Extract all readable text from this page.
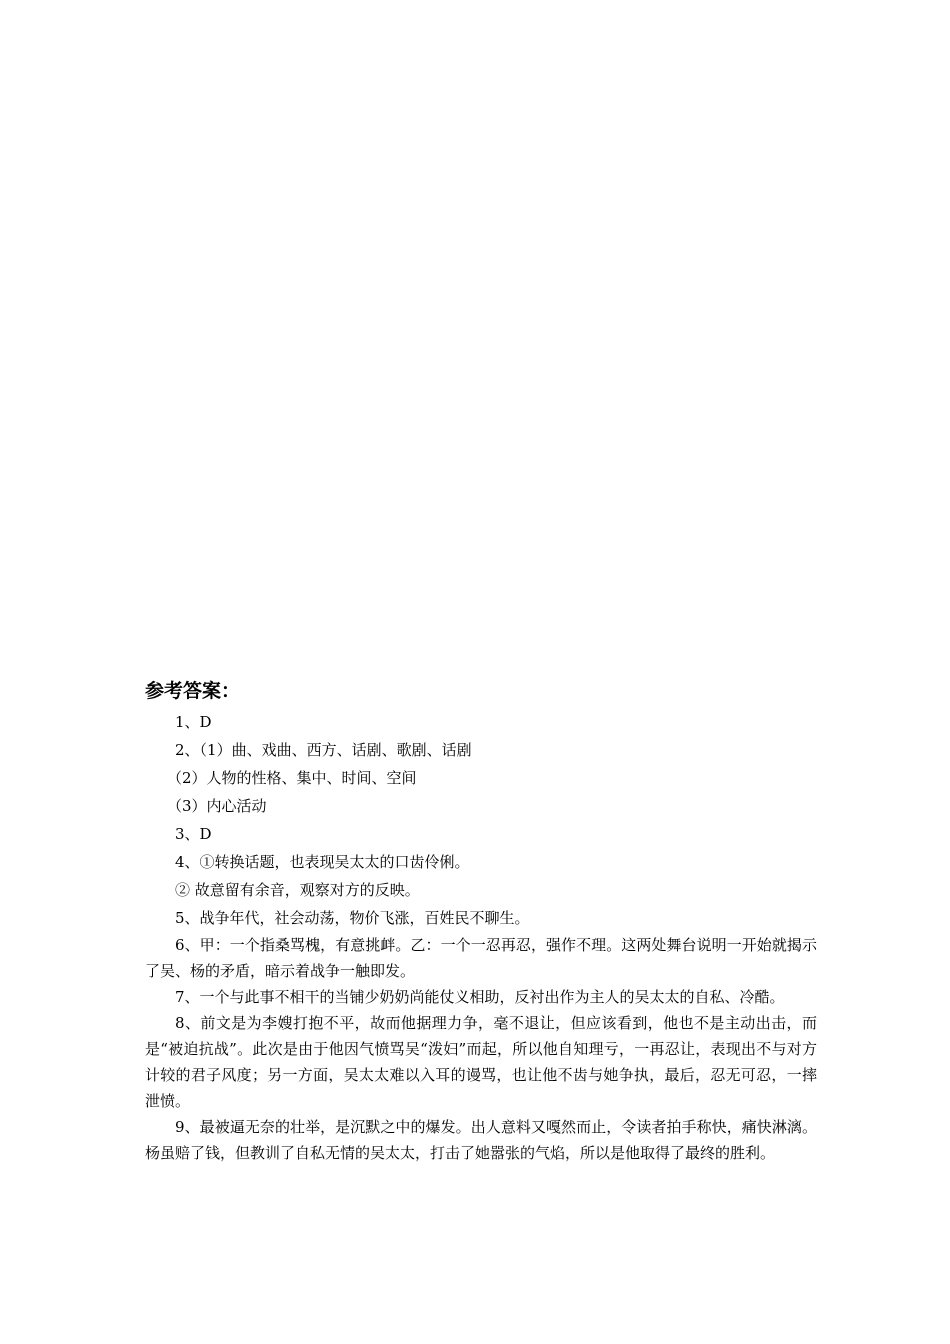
参考答案：

1、D

2、（1）曲、戏曲、西方、话剧、歌剧、话剧

（2）人物的性格、集中、时间、空间

（3）内心活动

3、D

4、①转换话题，也表现吴太太的口齿伶俐。

② 故意留有余音，观察对方的反映。

5、战争年代，社会动荡，物价飞涨，百姓民不聊生。

6、甲：一个指桑骂槐，有意挑衅。乙：一个一忍再忍，强作不理。这两处舞台说明一开始就揭示了吴、杨的矛盾，暗示着战争一触即发。

7、一个与此事不相干的当铺少奶奶尚能仗义相助，反衬出作为主人的吴太太的自私、冷酷。

8、前文是为李嫂打抱不平，故而他据理力争，毫不退让，但应该看到，他也不是主动出击，而是“被迫抗战”。此次是由于他因气愤骂吴“泼妇”而起，所以他自知理亏，一再忍让，表现出不与对方计较的君子风度；另一方面，吴太太难以入耳的谩骂，也让他不齿与她争执，最后，忍无可忍，一摔泄愤。

9、最被逼无奈的壮举，是沉默之中的爆发。出人意料又嘎然而止，令读者拍手称快，痛快淋漓。杨虽赔了钱，但教训了自私无情的吴太太，打击了她嚣张的气焰，所以是他取得了最终的胜利。
